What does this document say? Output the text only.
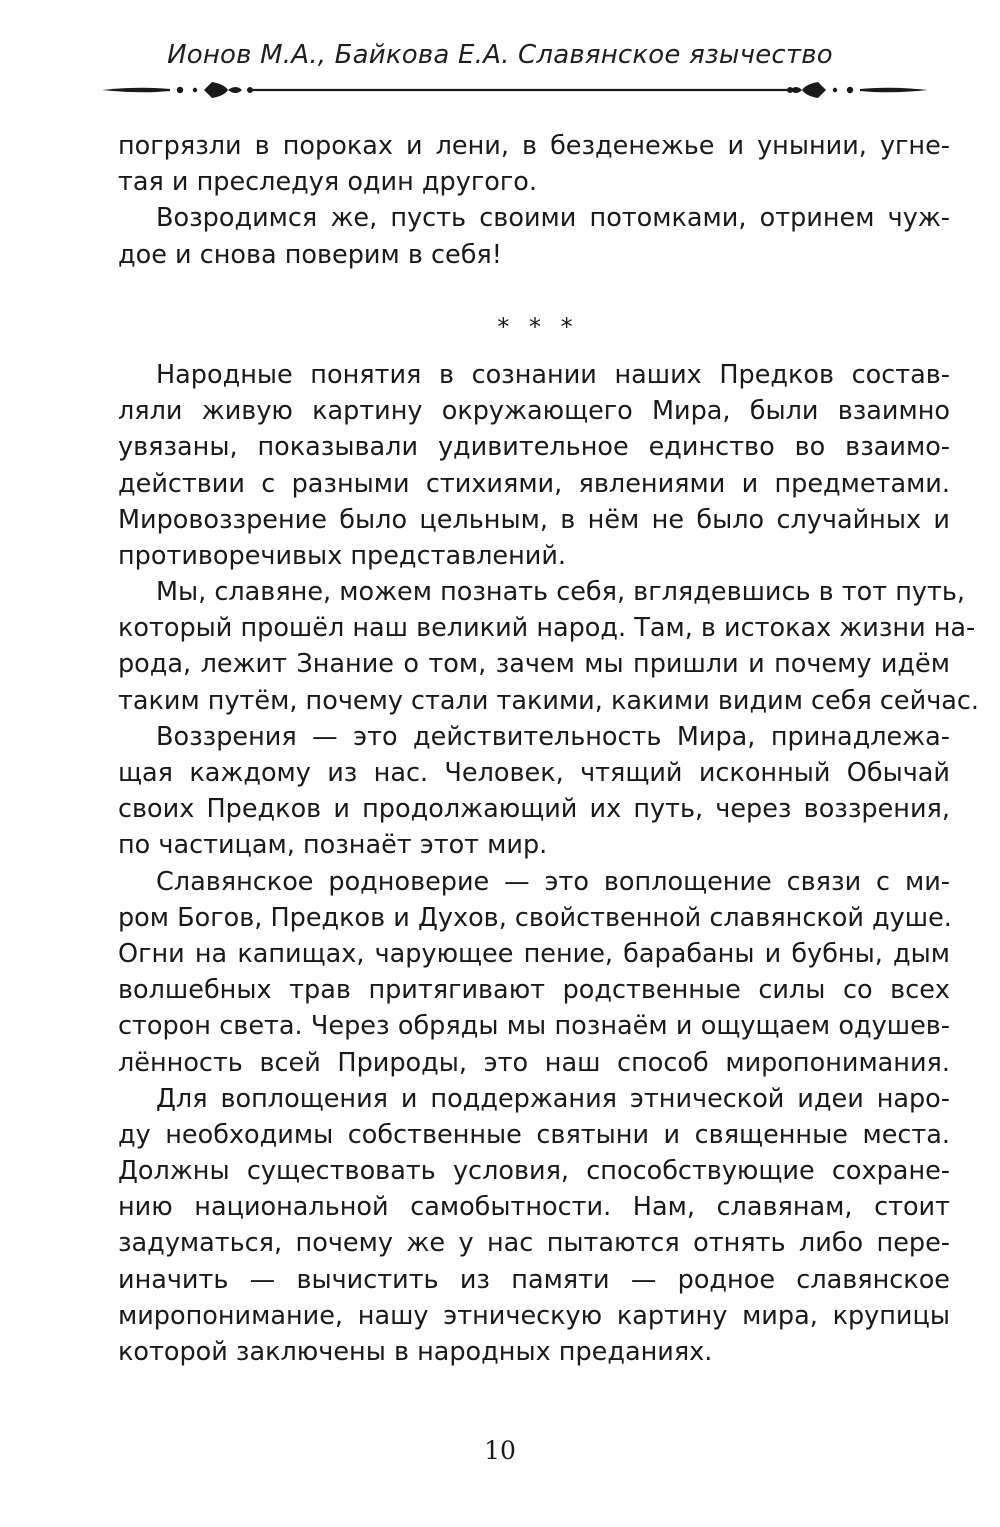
Ионов М.А., Байкова Е.А. Славянское язычество
погрязли в пороках и лени, в безденежье и унынии, угне-
тая и преследуя один другого.
Возродимся же, пусть своими потомками, отринем чуж-
дое и снова поверим в себя!
* * *
Народные понятия в сознании наших Предков состав-
ляли живую картину окружающего Мира, были взаимно
увязаны, показывали удивительное единство во взаимо-
действии с разными стихиями, явлениями и предметами.
Мировоззрение было цельным, в нём не было случайных и
противоречивых представлений.
Мы, славяне, можем познать себя, вглядевшись в тот путь,
который прошёл наш великий народ. Там, в истоках жизни на-
рода, лежит Знание о том, зачем мы пришли и почему идём
таким путём, почему стали такими, какими видим себя сейчас.
Воззрения — это действительность Мира, принадлежа-
щая каждому из нас. Человек, чтящий исконный Обычай
своих Предков и продолжающий их путь, через воззрения,
по частицам, познаёт этот мир.
Славянское родноверие — это воплощение связи с ми-
ром Богов, Предков и Духов, свойственной славянской душе.
Огни на капищах, чарующее пение, барабаны и бубны, дым
волшебных трав притягивают родственные силы со всех
сторон света. Через обряды мы познаём и ощущаем одушев-
лённость всей Природы, это наш способ миропонимания.
Для воплощения и поддержания этнической идеи наро-
ду необходимы собственные святыни и священные места.
Должны существовать условия, способствующие сохране-
нию национальной самобытности. Нам, славянам, стоит
задуматься, почему же у нас пытаются отнять либо пере-
иначить — вычистить из памяти — родное славянское
миропонимание, нашу этническую картину мира, крупицы
которой заключены в народных преданиях.
10
